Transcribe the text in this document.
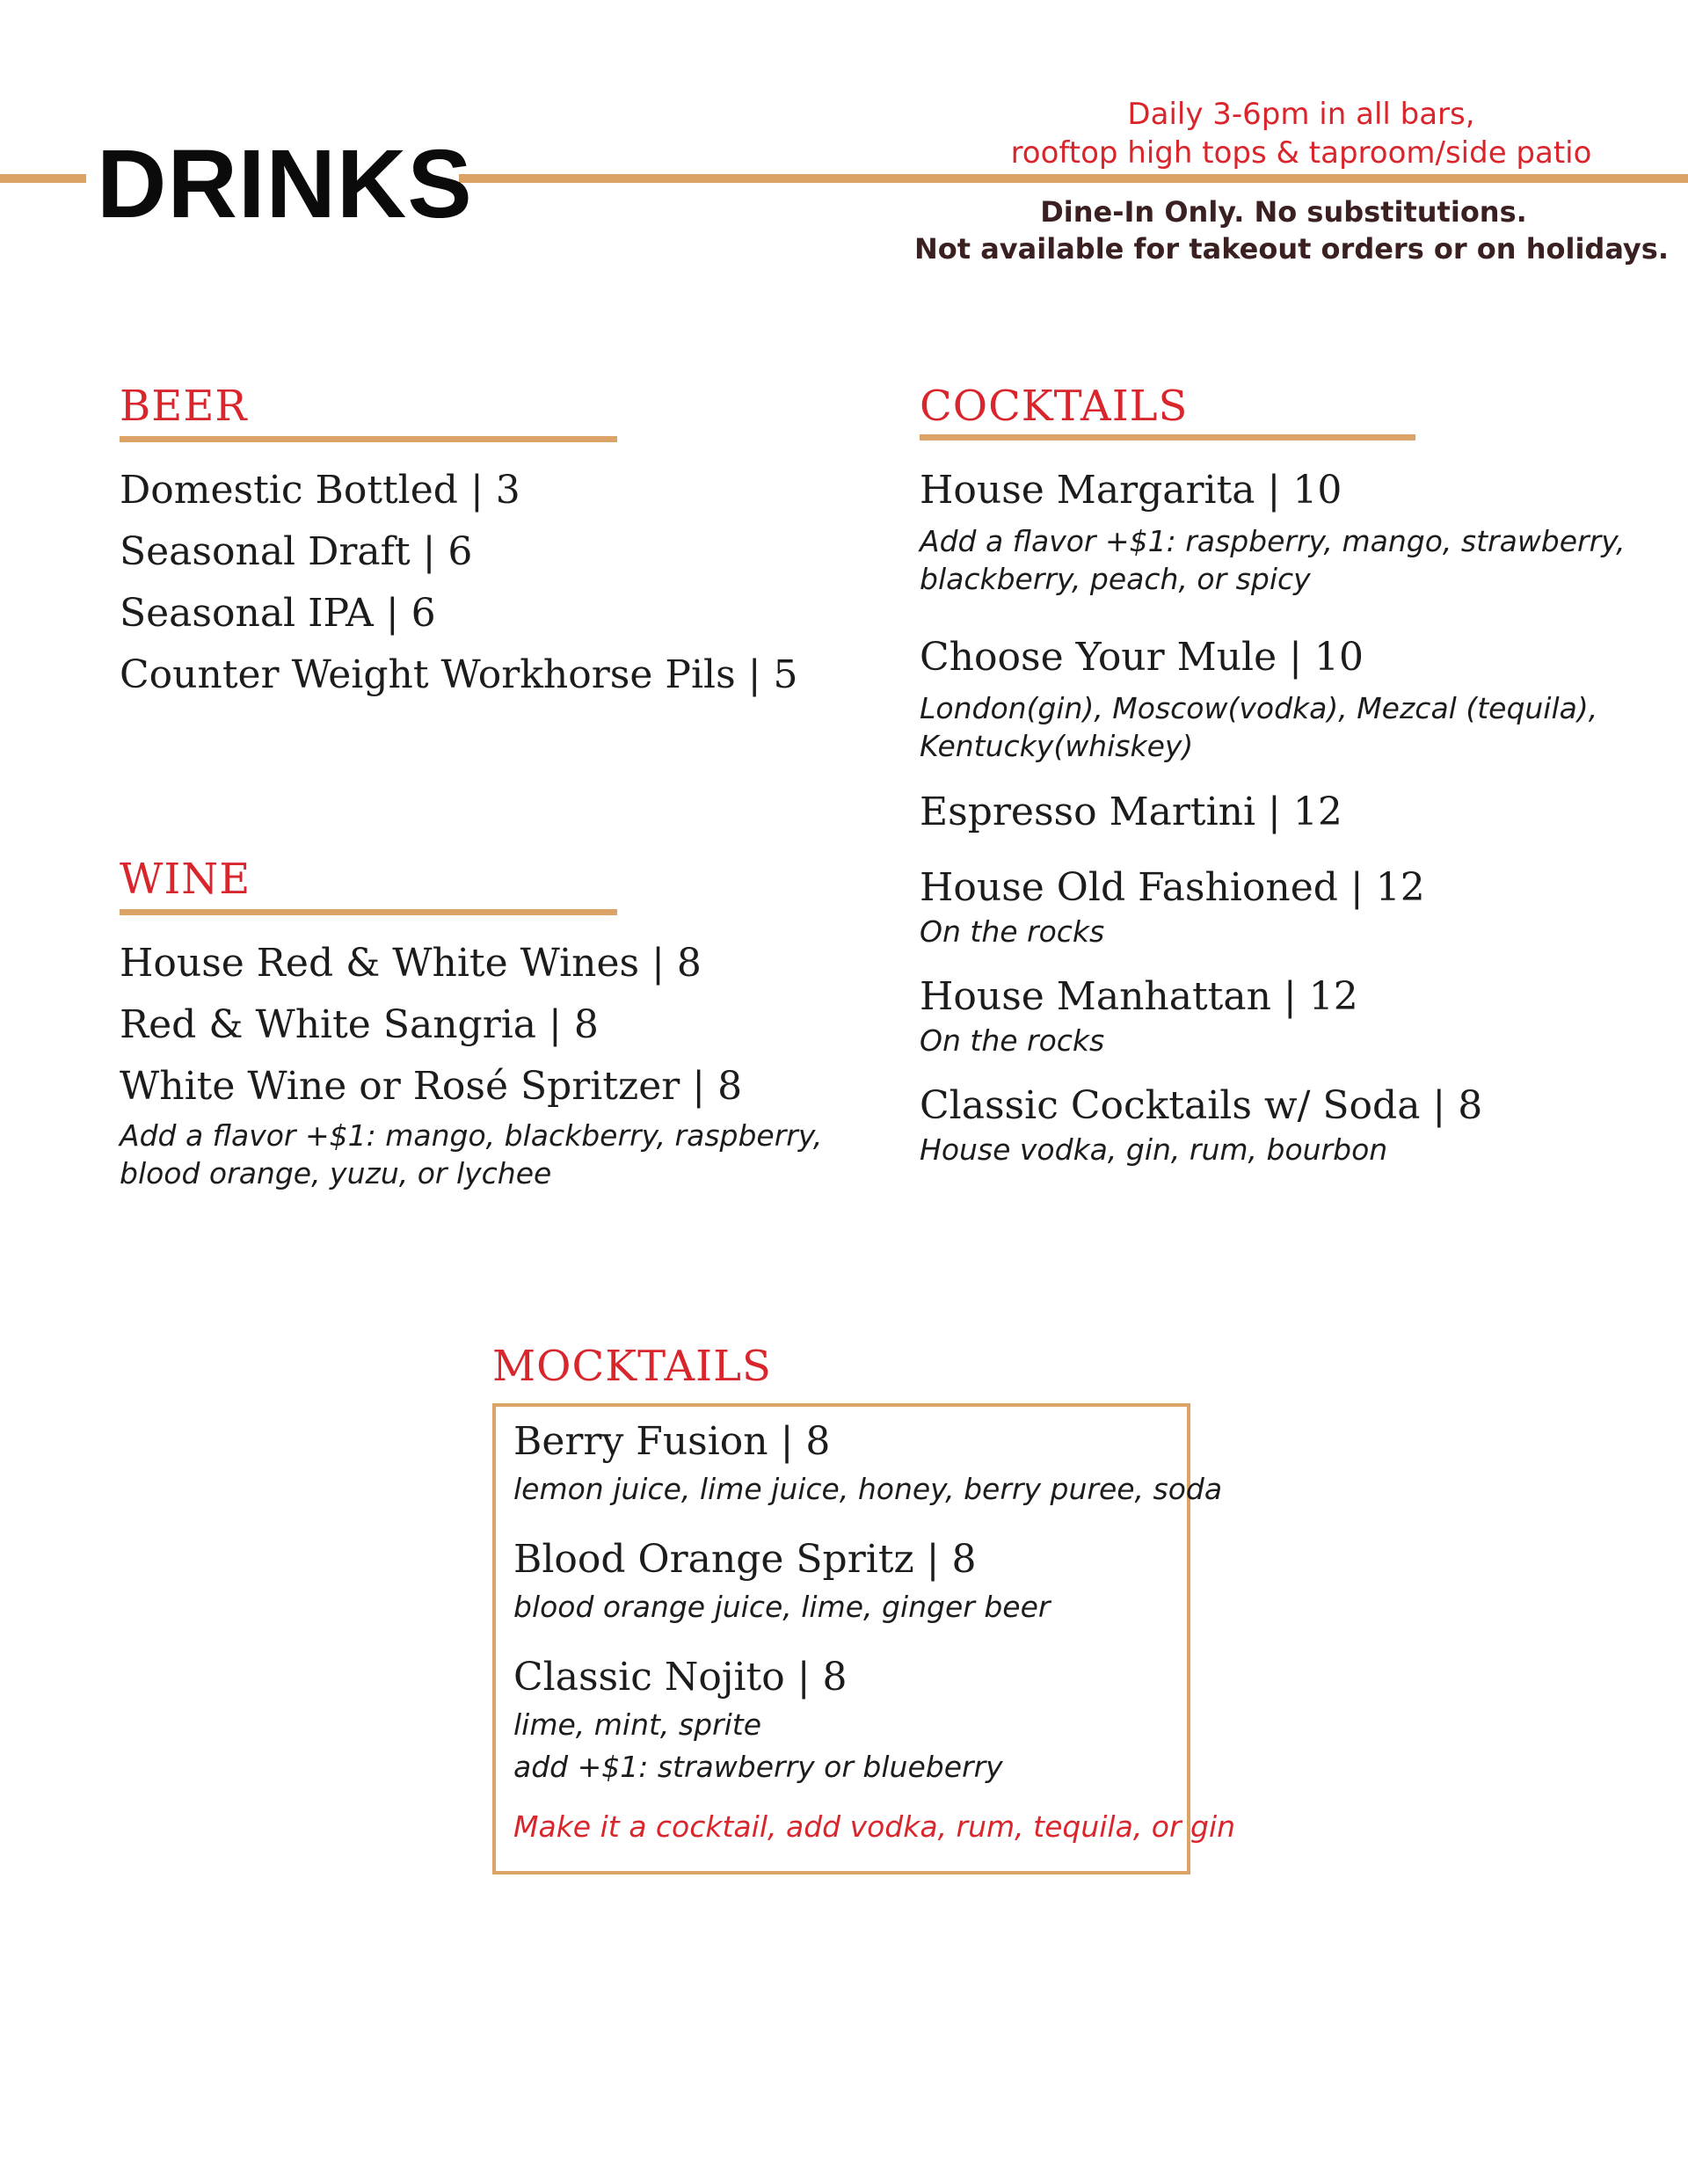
DRINKS
Daily 3-6pm in all bars,
rooftop high tops & taproom/side patio
Dine-In Only. No substitutions.
Not available for takeout orders or on holidays.
BEER
Domestic Bottled | 3
Seasonal Draft | 6
Seasonal IPA | 6
Counter Weight Workhorse Pils | 5
WINE
House Red & White Wines | 8
Red & White Sangria | 8
White Wine or Rosé Spritzer | 8
Add a flavor +$1: mango, blackberry, raspberry,
blood orange, yuzu, or lychee
COCKTAILS
House Margarita | 10
Add a flavor +$1: raspberry, mango, strawberry,
blackberry, peach, or spicy
Choose Your Mule | 10
London(gin), Moscow(vodka), Mezcal (tequila),
Kentucky(whiskey)
Espresso Martini | 12
House Old Fashioned | 12
On the rocks
House Manhattan | 12
On the rocks
Classic Cocktails w/ Soda | 8
House vodka, gin, rum, bourbon
MOCKTAILS
Berry Fusion | 8
lemon juice, lime juice, honey, berry puree, soda
Blood Orange Spritz | 8
blood orange juice, lime, ginger beer
Classic Nojito | 8
lime, mint, sprite
add +$1: strawberry or blueberry
Make it a cocktail, add vodka, rum, tequila, or gin
